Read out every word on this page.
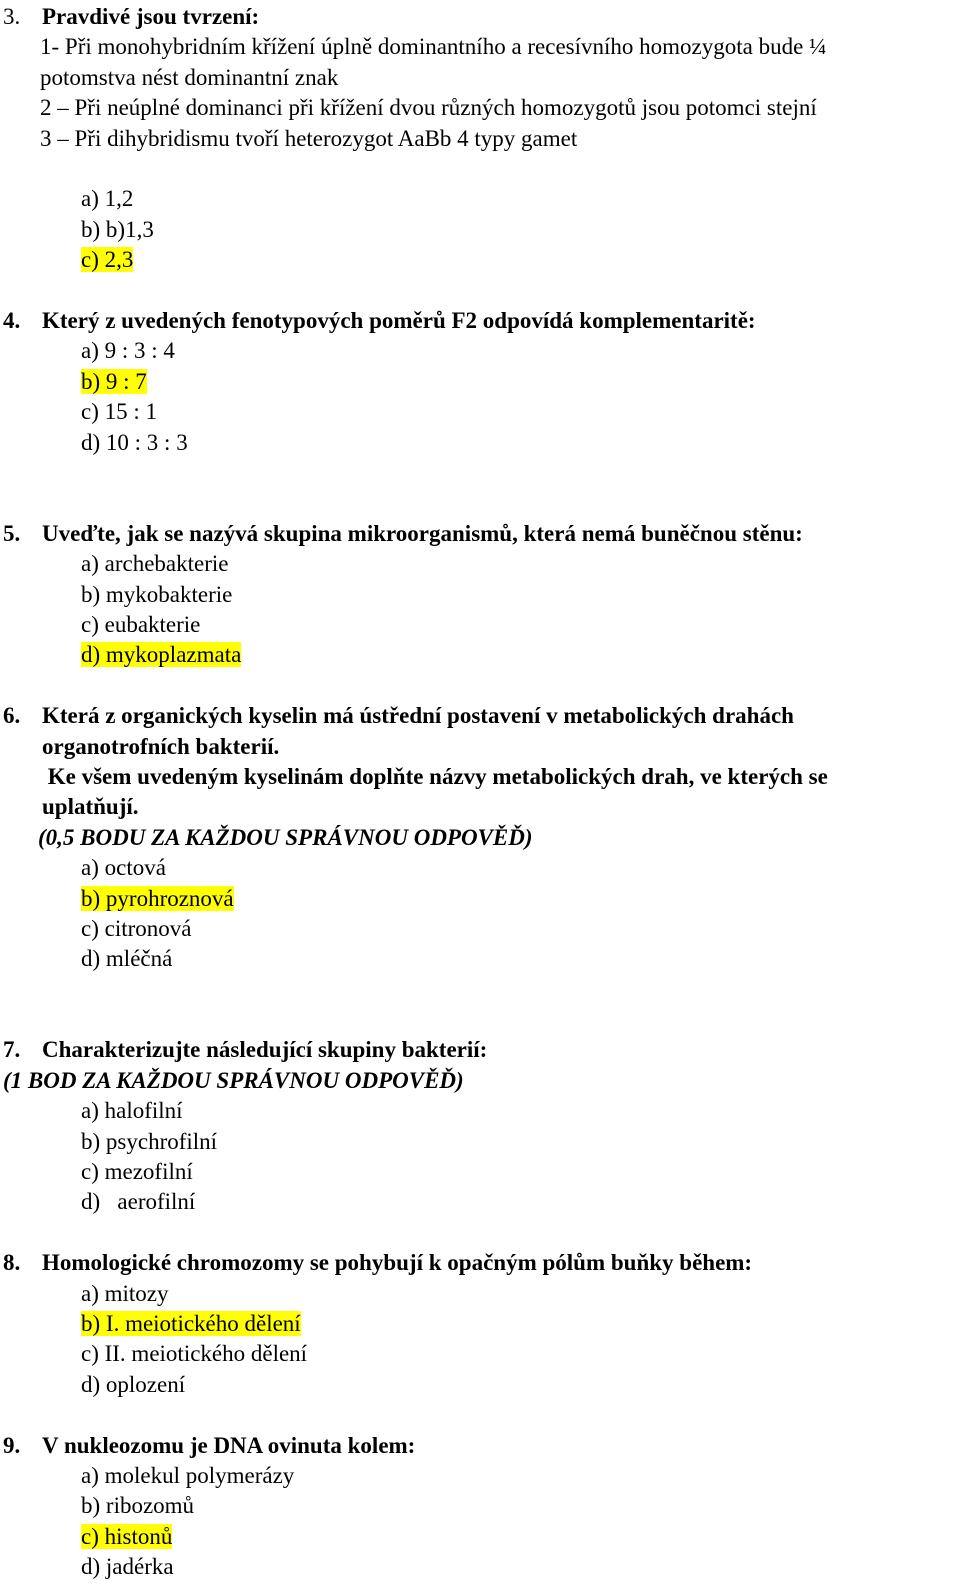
3. Pravdivé jsou tvrzení:
1- Při monohybridním křížení úplně dominantního a recesívního homozygota bude ¼
potomstva nést dominantní znak
2 – Při neúplné dominanci při křížení dvou různých homozygotů jsou potomci stejní
3 – Při dihybridismu tvoří heterozygot AaBb 4 typy gamet
a) 1,2
b) b)1,3
c) 2,3
4. Který z uvedených fenotypových poměrů F2 odpovídá komplementaritě:
a) 9 : 3 : 4
b) 9 : 7
c) 15 : 1
d) 10 : 3 : 3
5. Uveďte, jak se nazývá skupina mikroorganismů, která nemá buněčnou stěnu:
a) archebakterie
b) mykobakterie
c) eubakterie
d) mykoplazmata
6. Která z organických kyselin má ústřední postavení v metabolických drahách
organotrofních bakterií.
Ke všem uvedeným kyselinám doplňte názvy metabolických drah, ve kterých se
uplatňují.
(0,5 BODU ZA KAŽDOU SPRÁVNOU ODPOVĚĎ)
a) octová
b) pyrohroznová
c) citronová
d) mléčná
7. Charakterizujte následující skupiny bakterií:
(1 BOD ZA KAŽDOU SPRÁVNOU ODPOVĚĎ)
a) halofilní
b) psychrofilní
c) mezofilní
d)   aerofilní
8. Homologické chromozomy se pohybují k opačným pólům buňky během:
a) mitozy
b) I. meiotického dělení
c) II. meiotického dělení
d) oplození
9. V nukleozomu je DNA ovinuta kolem:
a) molekul polymerázy
b) ribozomů
c) histonů
d) jadérka
